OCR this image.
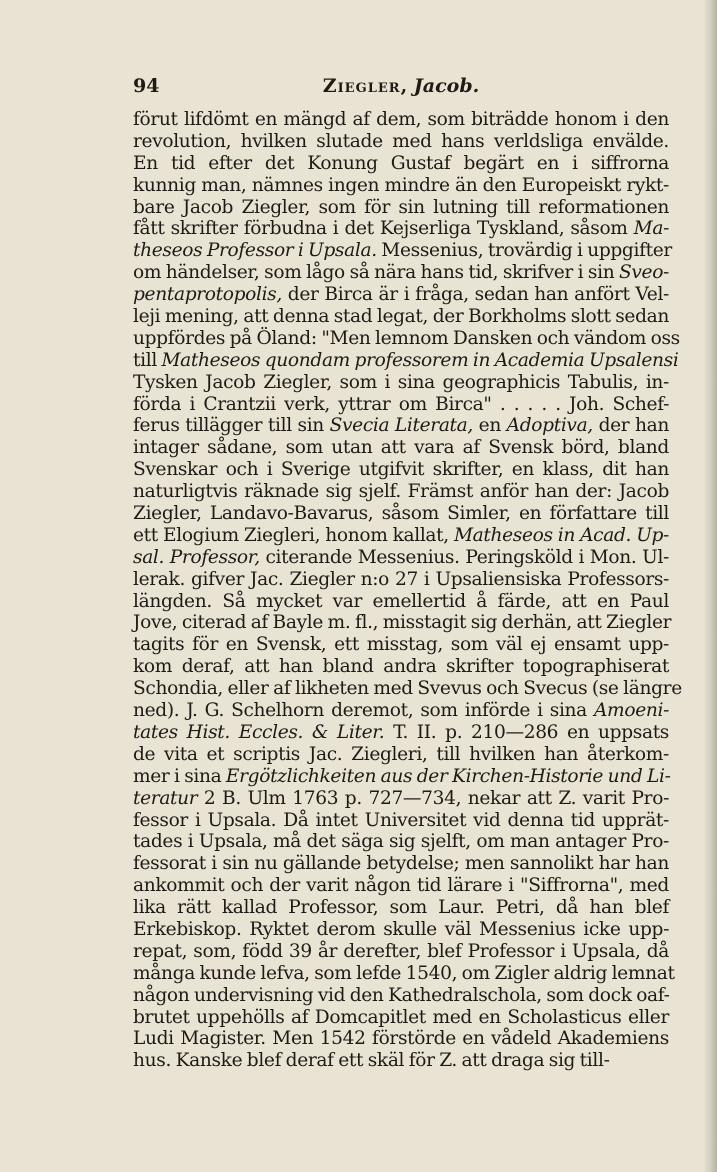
94	Ziegler, Jacob.
förut lifdömt en mängd af dem, som biträdde honom i den
revolution, hvilken slutade med hans verldsliga envälde.
En tid efter det Konung Gustaf begärt en i siffrorna
kunnig man, nämnes ingen mindre än den Europeiskt rykt-
bare Jacob Ziegler, som för sin lutning till reformationen
fått skrifter förbudna i det Kejserliga Tyskland, såsom Ma-
theseos Professor i Upsala. Messenius, trovärdig i uppgifter
om händelser, som lågo så nära hans tid, skrifver i sin Sveo-
pentaprotopolis, der Birca är i fråga, sedan han anfört Vel-
leji mening, att denna stad legat, der Borkholms slott sedan
uppfördes på Öland: "Men lemnom Dansken och vändom oss
till Matheseos quondam professorem in Academia Upsalensi
Tysken Jacob Ziegler, som i sina geographicis Tabulis, in-
förda i Crantzii verk, yttrar om Birca" . . . . . Joh. Schef-
ferus tillägger till sin Svecia Literata, en Adoptiva, der han
intager sådane, som utan att vara af Svensk börd, bland
Svenskar och i Sverige utgifvit skrifter, en klass, dit han
naturligtvis räknade sig sjelf. Främst anför han der: Jacob
Ziegler, Landavo-Bavarus, såsom Simler, en författare till
ett Elogium Ziegleri, honom kallat, Matheseos in Acad. Up-
sal. Professor, citerande Messenius. Peringsköld i Mon. Ul-
lerak. gifver Jac. Ziegler n:o 27 i Upsaliensiska Professors-
längden. Så mycket var emellertid å färde, att en Paul
Jove, citerad af Bayle m. fl., misstagit sig derhän, att Ziegler
tagits för en Svensk, ett misstag, som väl ej ensamt upp-
kom deraf, att han bland andra skrifter topographiserat
Schondia, eller af likheten med Svevus och Svecus (se längre
ned). J. G. Schelhorn deremot, som införde i sina Amoeni-
tates Hist. Eccles. & Liter. T. II. p. 210—286 en uppsats
de vita et scriptis Jac. Ziegleri, till hvilken han återkom-
mer i sina Ergötzlichkeiten aus der Kirchen-Historie und Li-
teratur 2 B. Ulm 1763 p. 727—734, nekar att Z. varit Pro-
fessor i Upsala. Då intet Universitet vid denna tid upprät-
tades i Upsala, må det säga sig sjelft, om man antager Pro-
fessorat i sin nu gällande betydelse; men sannolikt har han
ankommit och der varit någon tid lärare i "Siffrorna", med
lika rätt kallad Professor, som Laur. Petri, då han blef
Erkebiskop. Ryktet derom skulle väl Messenius icke upp-
repat, som, född 39 år derefter, blef Professor i Upsala, då
många kunde lefva, som lefde 1540, om Zigler aldrig lemnat
någon undervisning vid den Kathedralschola, som dock oaf-
brutet uppehölls af Domcapitlet med en Scholasticus eller
Ludi Magister. Men 1542 förstörde en vådeld Akademiens
hus. Kanske blef deraf ett skäl för Z. att draga sig till-
